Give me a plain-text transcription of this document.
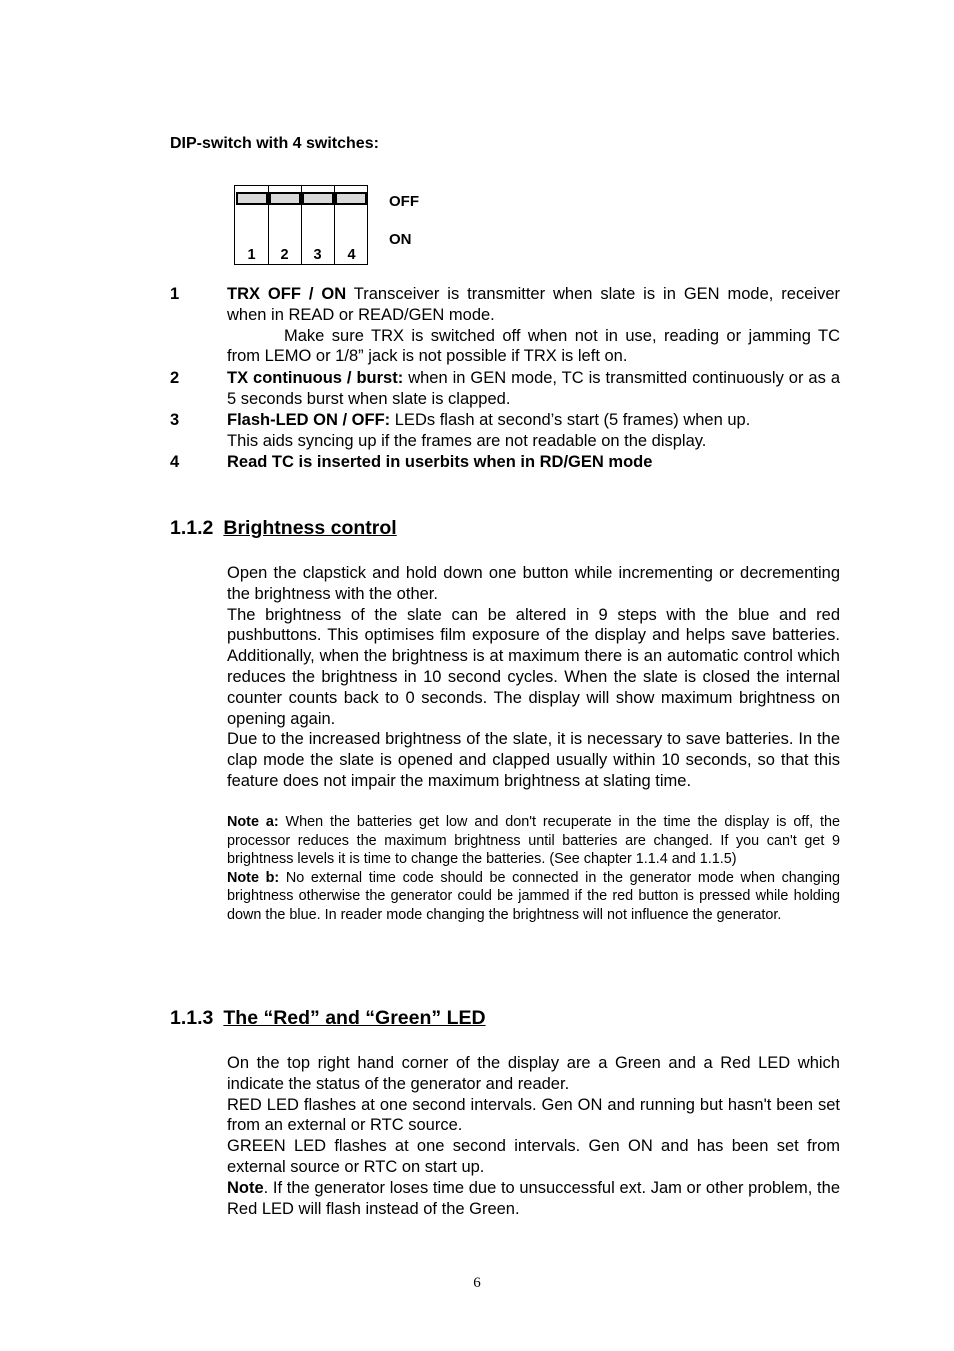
DIP-switch with 4 switches:
1	2	3	4
OFF
ON
1	TRX OFF / ON Transceiver is transmitter when slate is in GEN mode, receiver when in READ or READ/GEN mode.

Make sure TRX is switched off when not in use, reading or jamming TC from LEMO or 1/8” jack is not possible if TRX is left on.

2	TX continuous / burst: when in GEN mode, TC is transmitted continuously or as a 5 seconds burst when slate is clapped.

3	Flash-LED ON / OFF: LEDs flash at second’s start (5 frames) when up.

This aids syncing up if the frames are not readable on the display.

4	Read TC is inserted in userbits when in RD/GEN mode

1.1.2 Brightness control

Open the clapstick and hold down one button while incrementing or decrementing the brightness with the other.

The brightness of the slate can be altered in 9 steps with the blue and red pushbuttons. This optimises film exposure of the display and helps save batteries. Additionally, when the brightness is at maximum there is an automatic control which reduces the brightness in 10 second cycles. When the slate is closed the internal counter counts back to 0 seconds. The display will show maximum brightness on opening again.

Due to the increased brightness of the slate, it is necessary to save batteries. In the clap mode the slate is opened and clapped usually within 10 seconds, so that this feature does not impair the maximum brightness at slating time.

Note a: When the batteries get low and don't recuperate in the time the display is off, the processor reduces the maximum brightness until batteries are changed. If you can't get 9 brightness levels it is time to change the batteries. (See chapter 1.1.4 and 1.1.5)

Note b: No external time code should be connected in the generator mode when changing brightness otherwise the generator could be jammed if the red button is pressed while holding down the blue. In reader mode changing the brightness will not influence the generator.

1.1.3 The “Red” and “Green” LED

On the top right hand corner of the display are a Green and a Red LED which indicate the status of the generator and reader.

RED LED flashes at one second intervals. Gen ON and running but hasn't been set from an external or RTC source.

GREEN LED flashes at one second intervals. Gen ON and has been set from external source or RTC on start up.

Note. If the generator loses time due to unsuccessful ext. Jam or other problem, the Red LED will flash instead of the Green.

6
